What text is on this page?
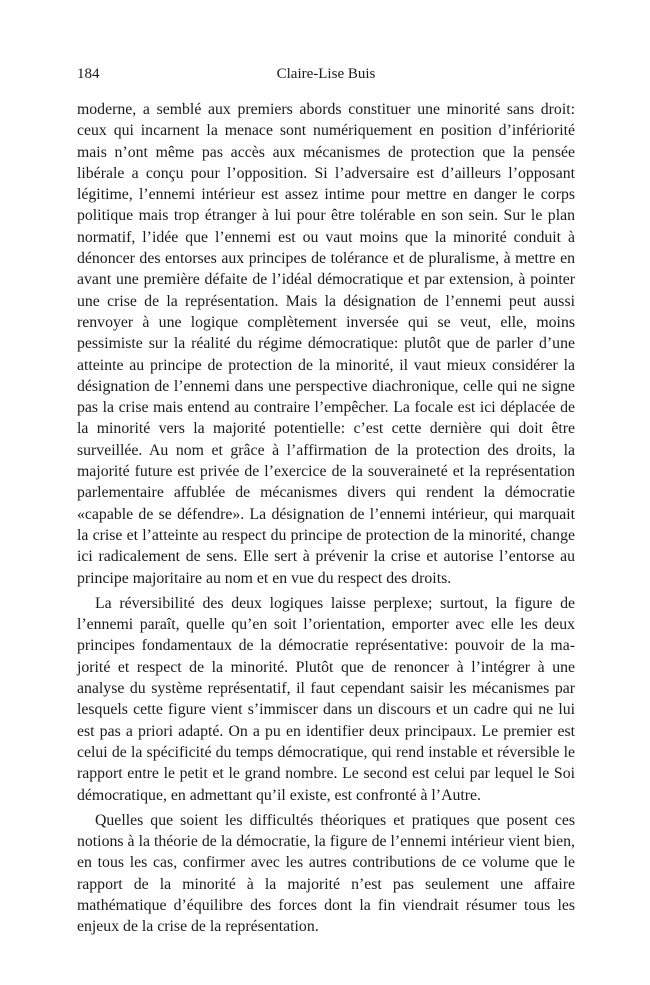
184	Claire-Lise Buis

moderne, a semblé aux premiers abords constituer une minorité sans droit: ceux qui incarnent la menace sont numériquement en position d’infériorité mais n’ont même pas accès aux mécanismes de protection que la pensée libérale a conçu pour l’opposition. Si l’adversaire est d’ailleurs l’opposant légitime, l’ennemi intérieur est assez intime pour mettre en danger le corps politique mais trop étranger à lui pour être tolérable en son sein. Sur le plan normatif, l’idée que l’ennemi est ou vaut moins que la minorité conduit à dénoncer des entorses aux principes de tolérance et de pluralisme, à mettre en avant une première défaite de l’idéal démocratique et par extension, à pointer une crise de la représentation. Mais la désignation de l’ennemi peut aussi renvoyer à une logique complètement inversée qui se veut, elle, moins pessimiste sur la réalité du régime démocratique: plutôt que de parler d’une atteinte au principe de protection de la minorité, il vaut mieux considérer la désignation de l’ennemi dans une perspective diachronique, celle qui ne signe pas la crise mais entend au contraire l’empêcher. La focale est ici déplacée de la minorité vers la majorité potentielle: c’est cette dernière qui doit être surveillée. Au nom et grâce à l’affirmation de la protection des droits, la majorité future est privée de l’exercice de la souveraineté et la représentation parlementaire affublée de mécanismes divers qui rendent la démocratie «capable de se défendre». La désignation de l’ennemi intérieur, qui marquait la crise et l’atteinte au respect du principe de protection de la minorité, change ici radicalement de sens. Elle sert à prévenir la crise et autorise l’entorse au principe majoritaire au nom et en vue du respect des droits.

La réversibilité des deux logiques laisse perplexe; surtout, la figure de l’ennemi paraît, quelle qu’en soit l’orientation, emporter avec elle les deux principes fondamentaux de la démocratie représentative: pouvoir de la majorité et respect de la minorité. Plutôt que de renoncer à l’intégrer à une analyse du système représentatif, il faut cependant saisir les mécanismes par lesquels cette figure vient s’immiscer dans un discours et un cadre qui ne lui est pas a priori adapté. On a pu en identifier deux principaux. Le premier est celui de la spécificité du temps démocratique, qui rend instable et réversible le rapport entre le petit et le grand nombre. Le second est celui par lequel le Soi démocratique, en admettant qu’il existe, est confronté à l’Autre.

Quelles que soient les difficultés théoriques et pratiques que posent ces notions à la théorie de la démocratie, la figure de l’ennemi intérieur vient bien, en tous les cas, confirmer avec les autres contributions de ce volume que le rapport de la minorité à la majorité n’est pas seulement une affaire mathématique d’équilibre des forces dont la fin viendrait résumer tous les enjeux de la crise de la représentation.
